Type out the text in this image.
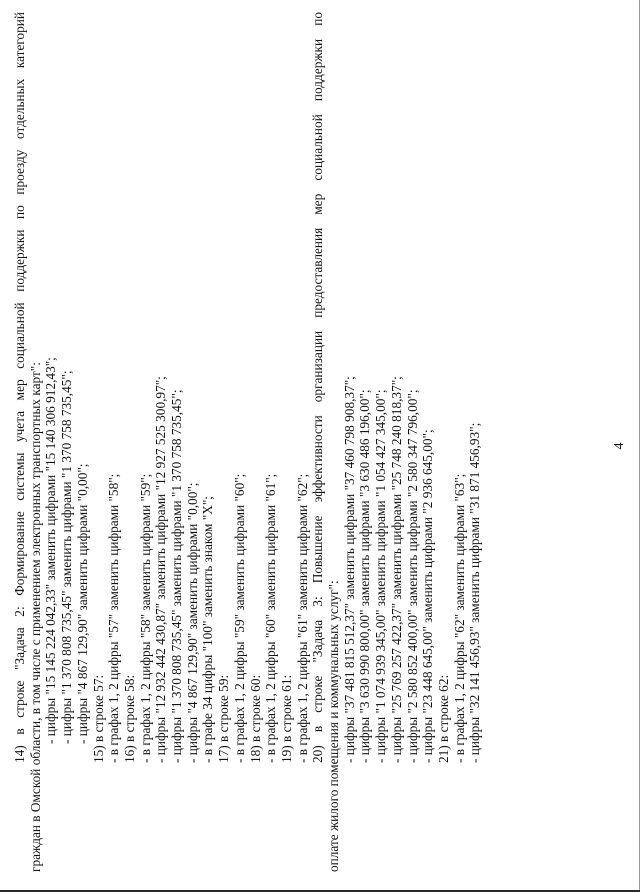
4
14) в строке "Задача 2: Формирование системы учета мер социальной поддержки по проезду отдельных категорий граждан в Омской области, в том числе с применением электронных транспортных карт": - цифры "15 145 224 042,33" заменить цифрами "15 140 306 912,43"; - цифры "1 370 808 735,45" заменить цифрами "1 370 758 735,45"; - цифры "4 867 129,90" заменить цифрами "0,00"; 15) в строке 57: - в графах 1, 2 цифры "57" заменить цифрами "58"; 16) в строке 58: - в графах 1, 2 цифры "58" заменить цифрами "59"; - цифры "12 932 442 430,87" заменить цифрами "12 927 525 300,97"; - цифры "1 370 808 735,45" заменить цифрами "1 370 758 735,45"; - цифры "4 867 129,90" заменить цифрами "0,00"; - в графе 34 цифры "100" заменить знаком "Х"; 17) в строке 59: - в графах 1, 2 цифры "59" заменить цифрами "60"; 18) в строке 60: - в графах 1, 2 цифры "60" заменить цифрами "61"; 19) в строке 61: - в графах 1, 2 цифры "61" заменить цифрами "62"; 20) в строке "Задача 3: Повышение эффективности организации предоставления мер социальной поддержки по оплате жилого помещения и коммунальных услуг": - цифры "37 481 815 512,37" заменить цифрами "37 460 798 908,37"; - цифры "3 630 990 800,00" заменить цифрами "3 630 486 196,00"; - цифры "1 074 939 345,00" заменить цифрами "1 054 427 345,00"; - цифры "25 769 257 422,37" заменить цифрами "25 748 240 818,37"; - цифры "2 580 852 400,00" заменить цифрами "2 580 347 796,00"; - цифры "23 448 645,00" заменить цифрами "2 936 645,00"; 21) в строке 62: - в графах 1, 2 цифры "62" заменить цифрами "63"; - цифры "32 141 456,93" заменить цифрами "31 871 456,93";
